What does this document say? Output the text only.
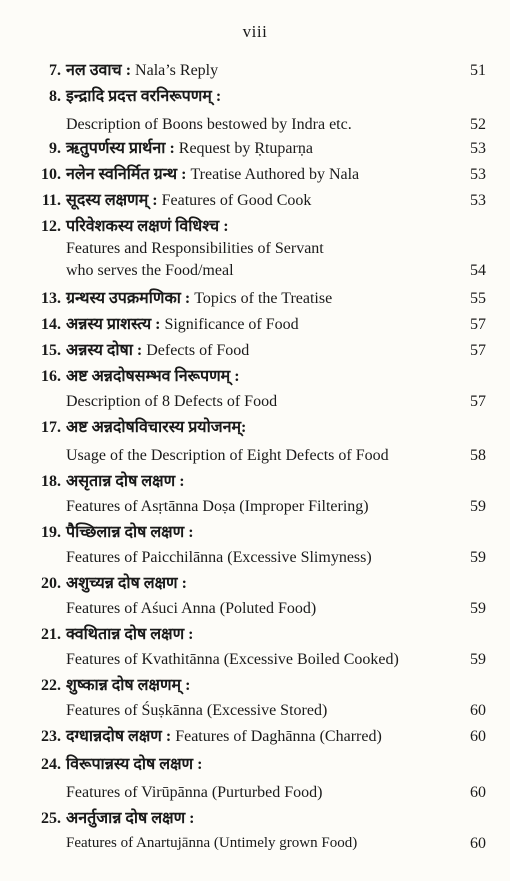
viii
7. नल उवाच : Nala’s Reply	51
8. इन्द्रादि प्रदत्त वरनिरूपणम् :
Description of Boons bestowed by Indra etc.	52
9. ऋतुपर्णस्य प्रार्थना : Request by Ṛtuparṇa	53
10. नलेन स्वनिर्मित ग्रन्थ : Treatise Authored by Nala	53
11. सूदस्य लक्षणम् : Features of Good Cook	53
12. परिवेशकस्य लक्षणं विधिश्च :
Features and Responsibilities of Servant
who serves the Food/meal	54
13. ग्रन्थस्य उपक्रमणिका : Topics of the Treatise	55
14. अन्नस्य प्राशस्त्य : Significance of Food	57
15. अन्नस्य दोषा : Defects of Food	57
16. अष्ट अन्नदोषसम्भव निरूपणम् :
Description of 8 Defects of Food	57
17. अष्ट अन्नदोषविचारस्य प्रयोजनम्:
Usage of the Description of Eight Defects of Food	58
18. असृतान्न दोष लक्षण :
Features of Asṛtānna Doṣa (Improper Filtering)	59
19. पैच्छिलान्न दोष लक्षण :
Features of Paicchilānna (Excessive Slimyness)	59
20. अशुच्यन्न दोष लक्षण :
Features of Aśuci Anna (Poluted Food)	59
21. क्वथितान्न दोष लक्षण :
Features of Kvathitānna (Excessive Boiled Cooked)	59
22. शुष्कान्न दोष लक्षणम् :
Features of Śuṣkānna (Excessive Stored)	60
23. दग्धान्नदोष लक्षण : Features of Daghānna (Charred)	60
24. विरूपान्नस्य दोष लक्षण :
Features of Virūpānna (Purturbed Food)	60
25. अनर्तुजान्न दोष लक्षण :
Features of Anartujānna (Untimely grown Food)	60
